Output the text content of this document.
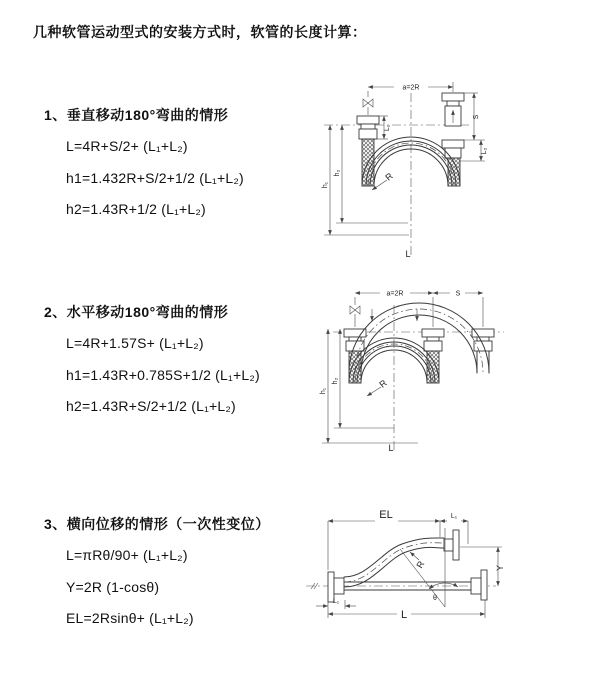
几种软管运动型式的安装方式时，软管的长度计算：
1、垂直移动180°弯曲的情形
L=4R+S/2+ (L₁+L₂)
h1=1.432R+S/2+1/2 (L₁+L₂)
h2=1.43R+1/2 (L₁+L₂)
2、水平移动180°弯曲的情形
L=4R+1.57S+ (L₁+L₂)
h1=1.43R+0.785S+1/2 (L₁+L₂)
h2=1.43R+S/2+1/2 (L₁+L₂)
3、横向位移的情形（一次性变位）
L=πRθ/90+ (L₁+L₂)
Y=2R (1-cosθ)
EL=2Rsinθ+ (L₁+L₂)
a=2R
h₁
h₂
L₁
S
L₂
R
L
a=2R	S
h₁
h₂	R
L
EL	L₁
Y
R
θ
L
L₁
